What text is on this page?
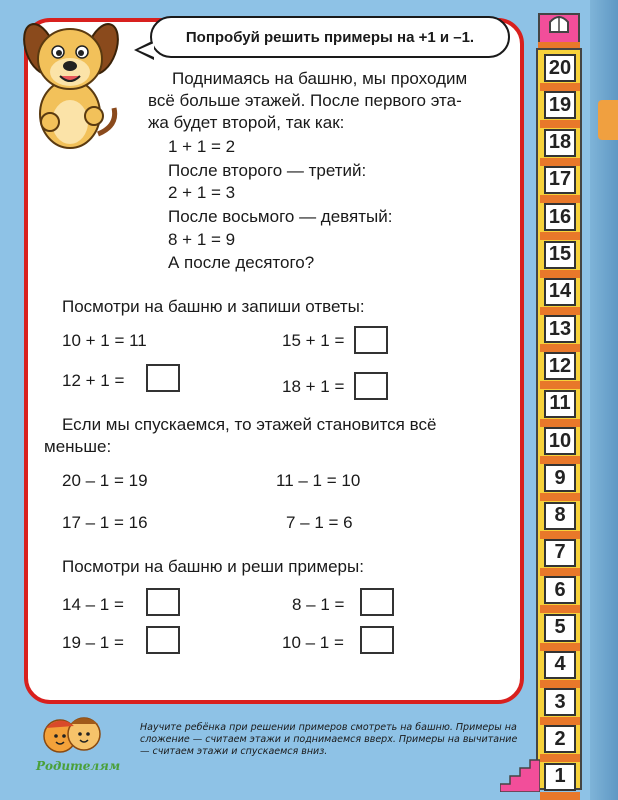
Попробуй решить примеры на +1 и –1.
Поднимаясь на башню, мы проходим
всё больше этажей. После первого эта-
жа будет второй, так как:
1 + 1 = 2
После второго — третий:
2 + 1 = 3
После восьмого — девятый:
8 + 1 = 9
А после десятого?
Посмотри на башню и запиши ответы:
10 + 1 = 11	15 + 1 =
12 + 1 =	18 + 1 =
Если мы спускаемся, то этажей становится всё
меньше:
20 – 1 = 19	11 – 1 = 10
17 – 1 = 16	7 – 1 = 6
Посмотри на башню и реши примеры:
14 – 1 =	8 – 1 =
19 – 1 =	10 – 1 =
20
19
18
17
16
15
14
13
12
11
10
9
8
7
6
5
4
3
2
1
Родителям
Научите ребёнка при решении примеров смотреть на башню. Примеры на сложение — считаем этажи и поднимаемся вверх. Примеры на вычитание — считаем этажи и спускаемся вниз.
